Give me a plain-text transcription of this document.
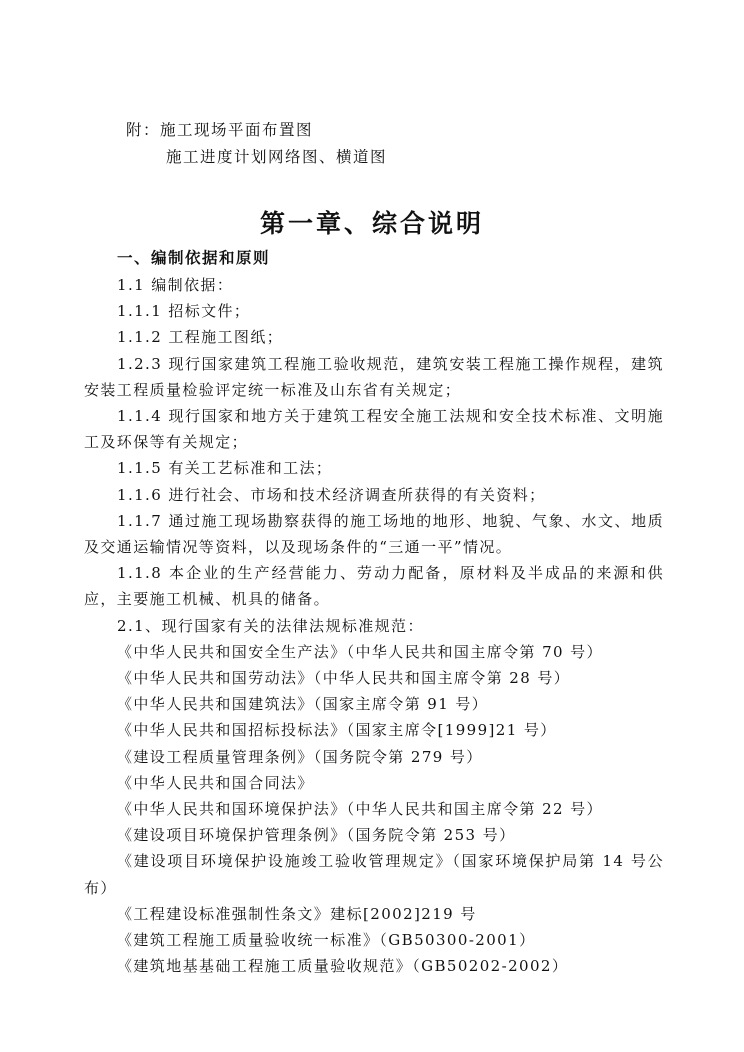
附：施工现场平面布置图
施工进度计划网络图、横道图
第一章、综合说明
一、编制依据和原则

1.1 编制依据：

1.1.1 招标文件；

1.1.2 工程施工图纸；

1.2.3 现行国家建筑工程施工验收规范，建筑安装工程施工操作规程，建筑安装工程质量检验评定统一标准及山东省有关规定；

1.1.4 现行国家和地方关于建筑工程安全施工法规和安全技术标准、文明施工及环保等有关规定；

1.1.5 有关工艺标准和工法；

1.1.6 进行社会、市场和技术经济调查所获得的有关资料；

1.1.7 通过施工现场勘察获得的施工场地的地形、地貌、气象、水文、地质及交通运输情况等资料，以及现场条件的“三通一平”情况。

1.1.8 本企业的生产经营能力、劳动力配备，原材料及半成品的来源和供应，主要施工机械、机具的储备。

2.1、现行国家有关的法律法规标准规范：

《中华人民共和国安全生产法》（中华人民共和国主席令第 70 号）

《中华人民共和国劳动法》（中华人民共和国主席令第 28 号）

《中华人民共和国建筑法》（国家主席令第 91 号）

《中华人民共和国招标投标法》（国家主席令[1999]21 号）

《建设工程质量管理条例》（国务院令第 279 号）

《中华人民共和国合同法》

《中华人民共和国环境保护法》（中华人民共和国主席令第 22 号）

《建设项目环境保护管理条例》（国务院令第 253 号）

《建设项目环境保护设施竣工验收管理规定》（国家环境保护局第 14 号公布）

《工程建设标准强制性条文》建标[2002]219 号

《建筑工程施工质量验收统一标准》（GB50300-2001）

《建筑地基基础工程施工质量验收规范》（GB50202-2002）
